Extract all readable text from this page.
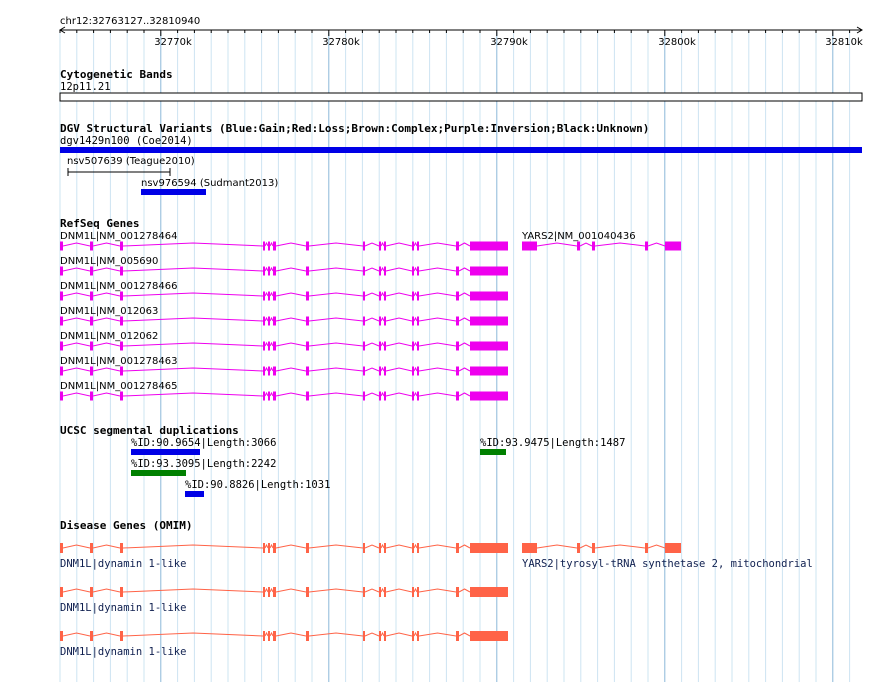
chr12:32763127..32810940
32770k	32780k	32790k	32800k	32810k
Cytogenetic Bands
12p11.21
DGV Structural Variants (Blue:Gain;Red:Loss;Brown:Complex;Purple:Inversion;Black:Unknown)
dgv1429n100 (Coe2014)
nsv507639 (Teague2010)
nsv976594 (Sudmant2013)
RefSeq Genes
DNM1L|NM_001278464	YARS2|NM_001040436
DNM1L|NM_005690
DNM1L|NM_001278466
DNM1L|NM_012063
DNM1L|NM_012062
DNM1L|NM_001278463
DNM1L|NM_001278465
UCSC segmental duplications
%ID:90.9654|Length:3066
%ID:93.3095|Length:2242
%ID:90.8826|Length:1031
%ID:93.9475|Length:1487
Disease Genes (OMIM)
DNM1L|dynamin 1-like	YARS2|tyrosyl-tRNA synthetase 2, mitochondrial
DNM1L|dynamin 1-like
DNM1L|dynamin 1-like
